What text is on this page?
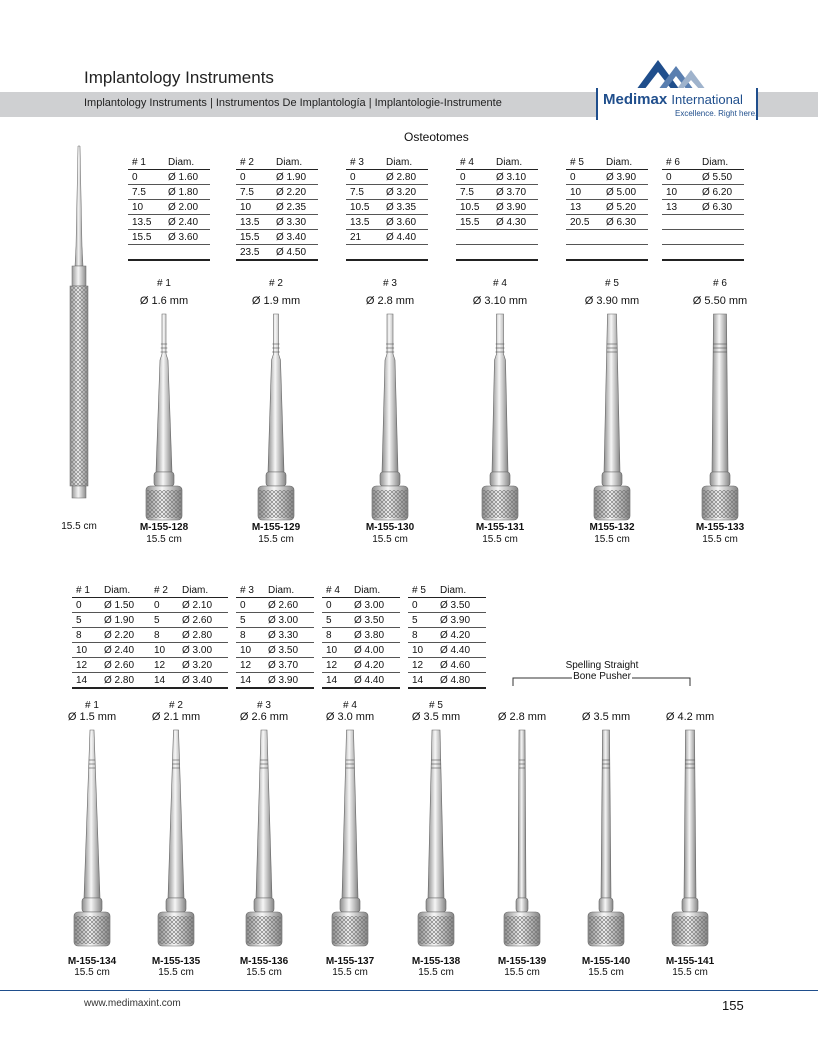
Implantology Instruments
Implantology Instruments | Instrumentos De Implantología | Implantologie-Instrumente	Medimax International
Excellence. Right here.
Osteotomes
# 1	Diam.
0	Ø 1.60
7.5	Ø 1.80
10	Ø 2.00
13.5	Ø 2.40
15.5	Ø 3.60

# 2	Diam.
0	Ø 1.90
7.5	Ø 2.20
10	Ø 2.35
13.5	Ø 3.30
15.5	Ø 3.40
23.5	Ø 4.50
# 3	Diam.
0	Ø 2.80
7.5	Ø 3.20
10.5	Ø 3.35
13.5	Ø 3.60
21	Ø 4.40

# 4	Diam.
0	Ø 3.10
7.5	Ø 3.70
10.5	Ø 3.90
15.5	Ø 4.30

# 5	Diam.
0	Ø 3.90
10	Ø 5.00
13	Ø 5.20
20.5	Ø 6.30

# 6	Diam.
0	Ø 5.50
10	Ø 6.20
13	Ø 6.30

15.5 cm
# 1
Ø 1.6 mm
M-155-128
15.5 cm
# 2
Ø 1.9 mm
M-155-129
15.5 cm
# 3
Ø 2.8 mm
M-155-130
15.5 cm
# 4
Ø 3.10 mm
M-155-131
15.5 cm
# 5
Ø 3.90 mm
M155-132
15.5 cm
# 6
Ø 5.50 mm
M-155-133
15.5 cm
# 1	Diam.
0	Ø 1.50
5	Ø 1.90
8	Ø 2.20
10	Ø 2.40
12	Ø 2.60
14	Ø 2.80
# 2	Diam.
0	Ø 2.10
5	Ø 2.60
8	Ø 2.80
10	Ø 3.00
12	Ø 3.20
14	Ø 3.40
# 3	Diam.
0	Ø 2.60
5	Ø 3.00
8	Ø 3.30
10	Ø 3.50
12	Ø 3.70
14	Ø 3.90
# 4	Diam.
0	Ø 3.00
5	Ø 3.50
8	Ø 3.80
10	Ø 4.00
12	Ø 4.20
14	Ø 4.40
# 5	Diam.
0	Ø 3.50
5	Ø 3.90
8	Ø 4.20
10	Ø 4.40
12	Ø 4.60
14	Ø 4.80
# 1
Ø 1.5 mm
M-155-134
15.5 cm
# 2
Ø 2.1 mm
M-155-135
15.5 cm
# 3
Ø 2.6 mm
M-155-136
15.5 cm
# 4
Ø 3.0 mm
M-155-137
15.5 cm
# 5
Ø 3.5 mm
M-155-138
15.5 cm
Ø 2.8 mm
M-155-139
15.5 cm
Ø 3.5 mm
M-155-140
15.5 cm
Ø 4.2 mm
M-155-141
15.5 cm
Spelling Straight
Bone Pusher
www.medimaxint.com	155
